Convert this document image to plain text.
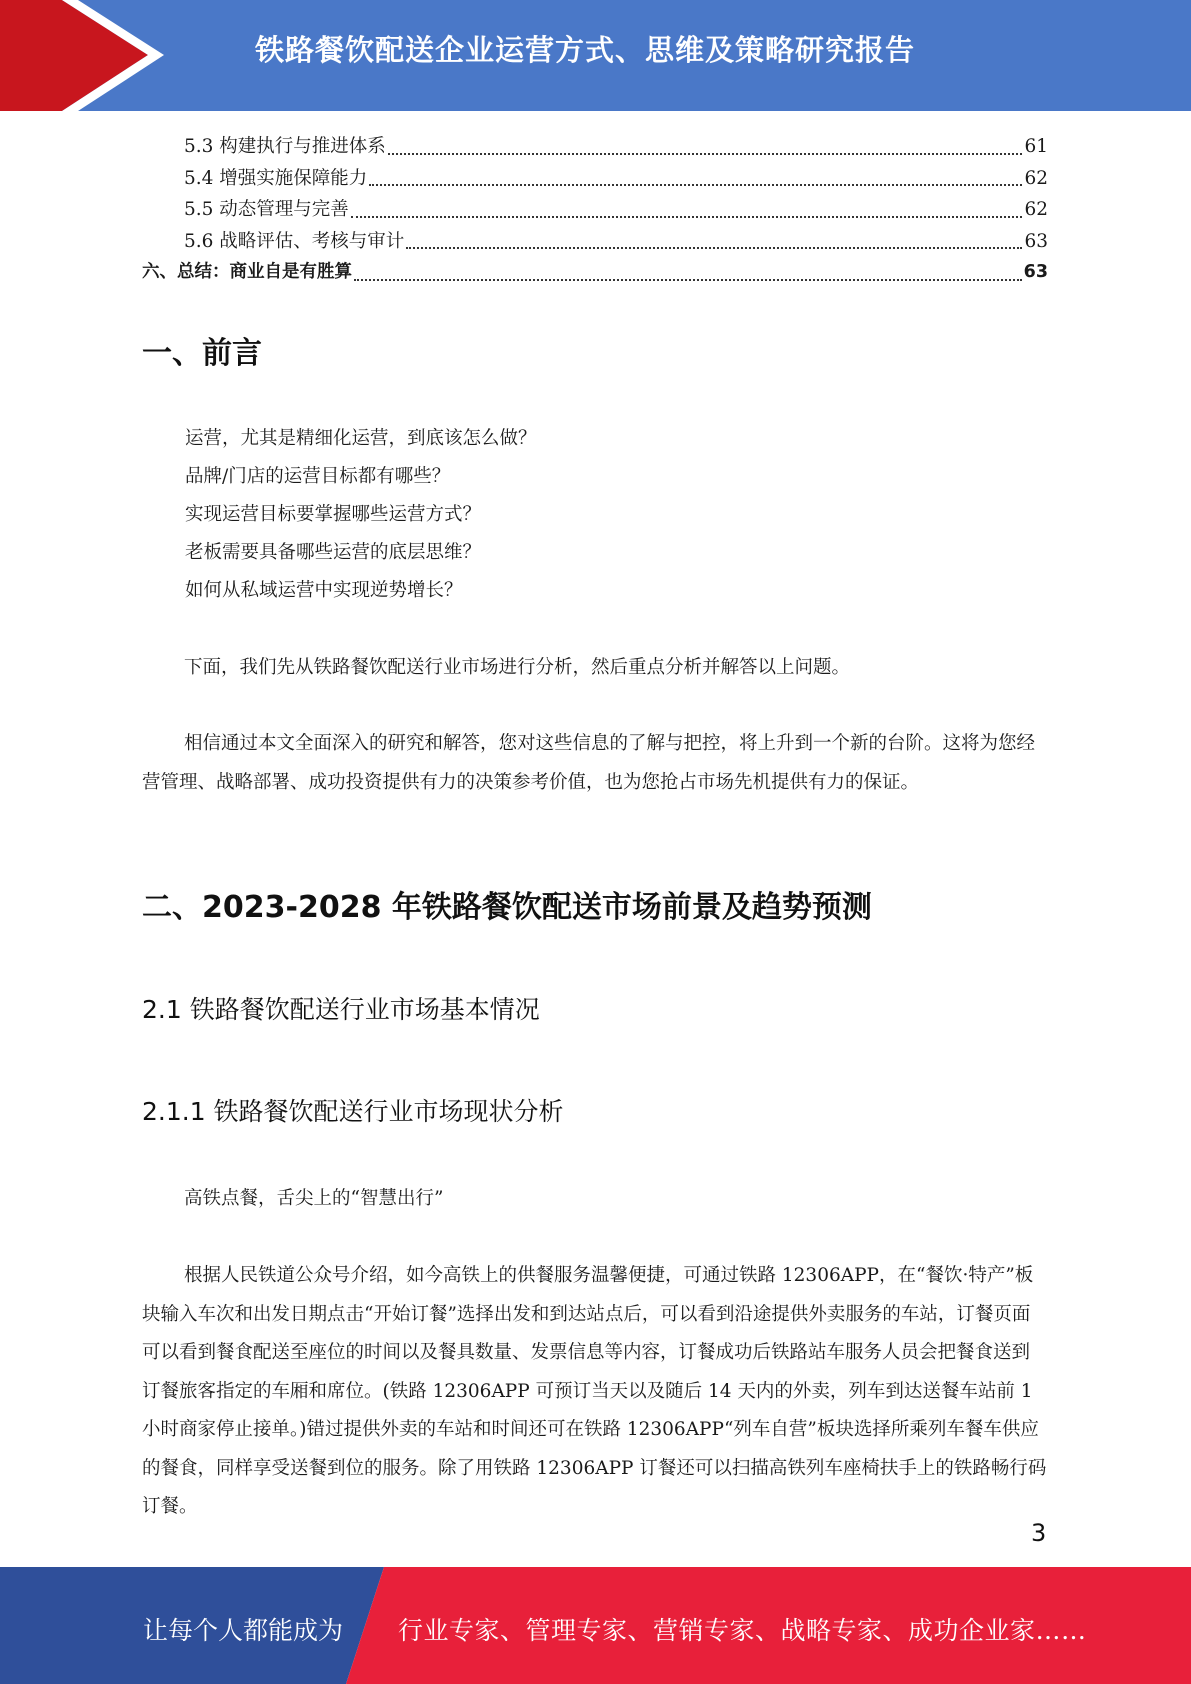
铁路餐饮配送企业运营方式、思维及策略研究报告
5.3 构建执行与推进体系	61
5.4 增强实施保障能力	62
5.5 动态管理与完善	62
5.6 战略评估、考核与审计	63
六、总结：商业自是有胜算	63
一、前言
运营，尤其是精细化运营，到底该怎么做？
品牌/门店的运营目标都有哪些？
实现运营目标要掌握哪些运营方式？
老板需要具备哪些运营的底层思维？
如何从私域运营中实现逆势增长？
下面，我们先从铁路餐饮配送行业市场进行分析，然后重点分析并解答以上问题。
相信通过本文全面深入的研究和解答，您对这些信息的了解与把控，将上升到一个新的台阶。这将为您经营管理、战略部署、成功投资提供有力的决策参考价值，也为您抢占市场先机提供有力的保证。
二、2023-2028 年铁路餐饮配送市场前景及趋势预测
2.1 铁路餐饮配送行业市场基本情况
2.1.1 铁路餐饮配送行业市场现状分析
高铁点餐，舌尖上的“智慧出行”
根据人民铁道公众号介绍，如今高铁上的供餐服务温馨便捷，可通过铁路 12306APP，在“餐饮·特产”板块输入车次和出发日期点击“开始订餐”选择出发和到达站点后，可以看到沿途提供外卖服务的车站，订餐页面可以看到餐食配送至座位的时间以及餐具数量、发票信息等内容，订餐成功后铁路站车服务人员会把餐食送到订餐旅客指定的车厢和席位。(铁路 12306APP 可预订当天以及随后 14 天内的外卖，列车到达送餐车站前 1 小时商家停止接单。)错过提供外卖的车站和时间还可在铁路 12306APP“列车自营”板块选择所乘列车餐车供应的餐食，同样享受送餐到位的服务。除了用铁路 12306APP 订餐还可以扫描高铁列车座椅扶手上的铁路畅行码订餐。
3
让每个人都能成为 行业专家、管理专家、营销专家、战略专家、成功企业家……
